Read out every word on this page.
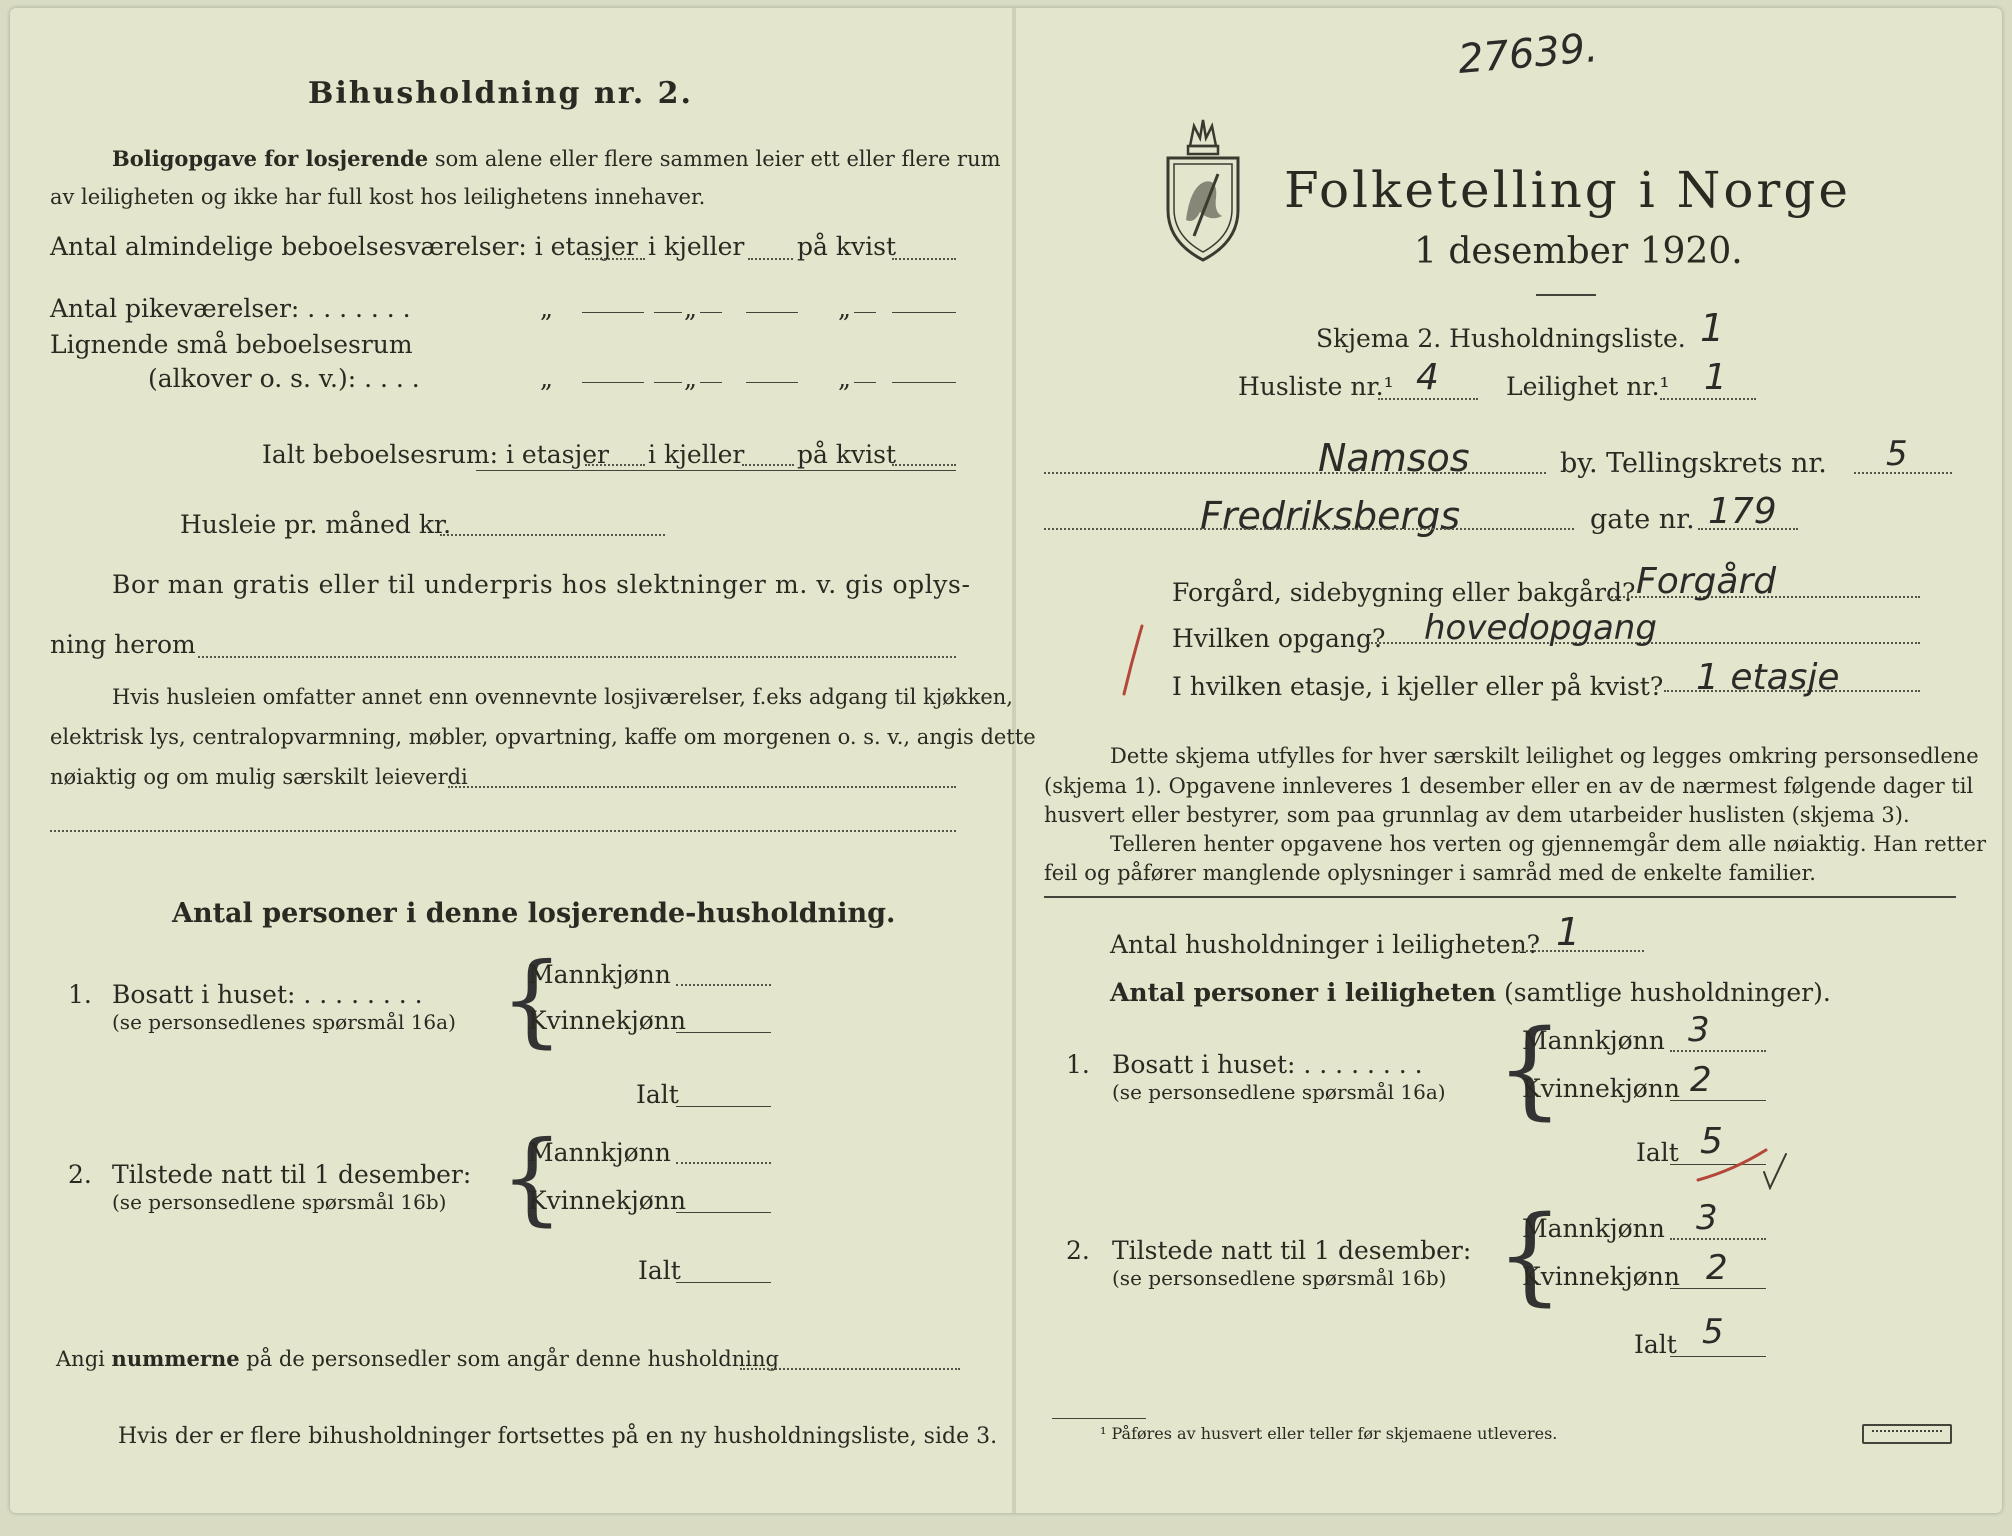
Bihusholdning nr. 2.
Boligopgave for losjerende som alene eller flere sammen leier ett eller flere rum
av leiligheten og ikke har full kost hos leilighetens innehaver.
Antal almindelige beboelsesværelser: i etasjer i kjeller på kvist
Antal pikeværelser: . . . . . . .	„	„	„
Lignende små beboelsesrum
(alkover o. s. v.): . . . .	„	„	„
Ialt beboelsesrum: i etasjer i kjeller på kvist
Husleie pr. måned kr.
Bor man gratis eller til underpris hos slektninger m. v. gis oplys-
ning herom
Hvis husleien omfatter annet enn ovennevnte losjiværelser, f.eks adgang til kjøkken,
elektrisk lys, centralopvarmning, møbler, opvartning, kaffe om morgenen o. s. v., angis dette
nøiaktig og om mulig særskilt leieverdi
Antal personer i denne losjerende-husholdning.
1. Bosatt i huset: . . . . . . . .
(se personsedlenes spørsmål 16a) {
Mannkjønn
Kvinnekjønn
Ialt
2. Tilstede natt til 1 desember:
(se personsedlene spørsmål 16b) {
Mannkjønn
Kvinnekjønn
Ialt
Angi nummerne på de personsedler som angår denne husholdning
Hvis der er flere bihusholdninger fortsettes på en ny husholdningsliste, side 3.
27639.
Folketelling i Norge
1 desember 1920.
Skjema 2. Husholdningsliste. 1
Husliste nr.¹ 4	Leilighet nr.¹ 1
Namsos	by. Tellingskrets nr. 5
Fredriksbergs	gate nr. 179
Forgård, sidebygning eller bakgård? Forgård
Hvilken opgang? hovedopgang
I hvilken etasje, i kjeller eller på kvist? 1 etasje
Dette skjema utfylles for hver særskilt leilighet og legges omkring personsedlene
(skjema 1). Opgavene innleveres 1 desember eller en av de nærmest følgende dager til
husvert eller bestyrer, som paa grunnlag av dem utarbeider huslisten (skjema 3).
Telleren henter opgavene hos verten og gjennemgår dem alle nøiaktig. Han retter
feil og påfører manglende oplysninger i samråd med de enkelte familier.
Antal husholdninger i leiligheten? 1
Antal personer i leiligheten (samtlige husholdninger).
1. Bosatt i huset: . . . . . . . .
(se personsedlene spørsmål 16a) {
Mannkjønn 3
Kvinnekjønn 2
Ialt 5
2. Tilstede natt til 1 desember:
(se personsedlene spørsmål 16b) {
Mannkjønn 3
Kvinnekjønn 2
Ialt 5
¹ Påføres av husvert eller teller før skjemaene utleveres.
